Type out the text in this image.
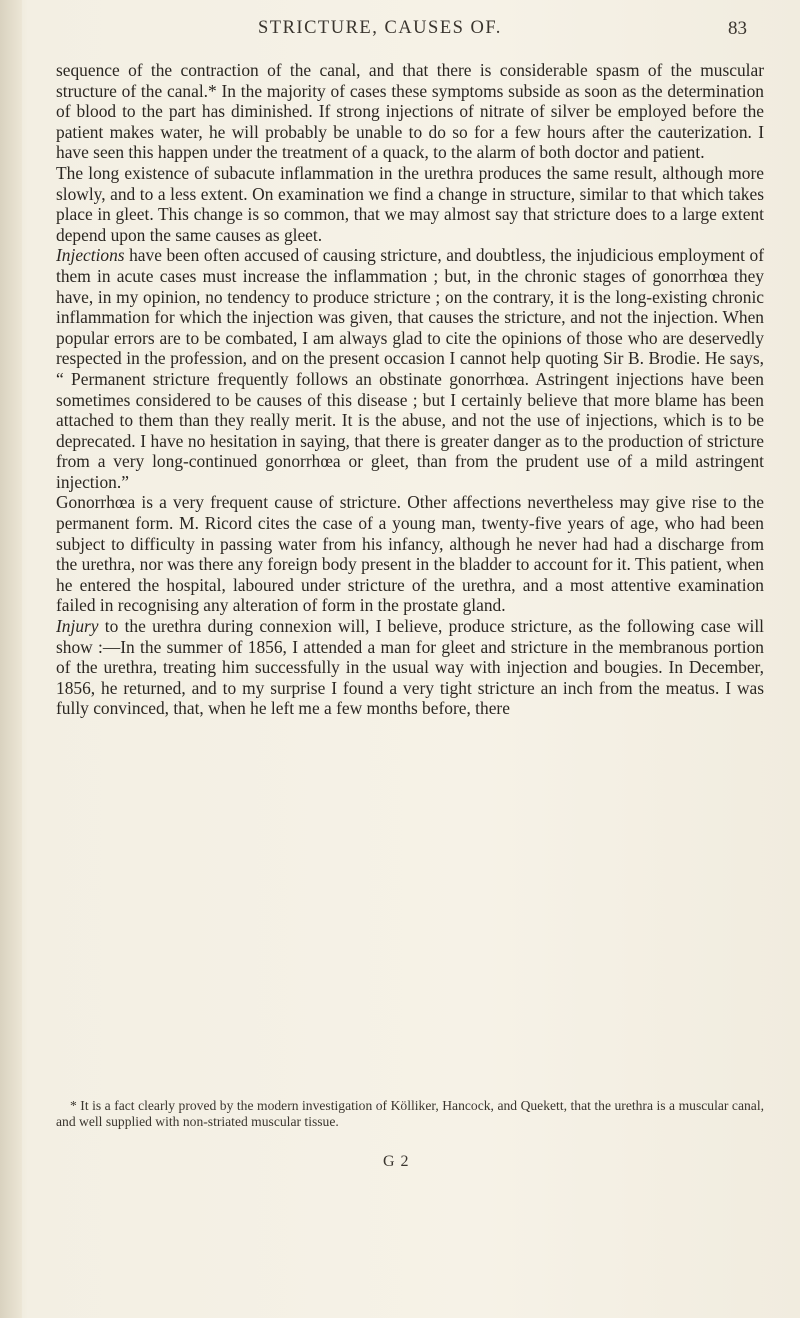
STRICTURE, CAUSES OF.	83

sequence of the contraction of the canal, and that there is considerable spasm of the muscular structure of the canal.* In the majority of cases these symptoms subside as soon as the determination of blood to the part has diminished. If strong injections of nitrate of silver be employed before the patient makes water, he will probably be unable to do so for a few hours after the cauterization. I have seen this happen under the treatment of a quack, to the alarm of both doctor and patient.

The long existence of subacute inflammation in the urethra produces the same result, although more slowly, and to a less extent. On examination we find a change in structure, similar to that which takes place in gleet. This change is so common, that we may almost say that stricture does to a large extent depend upon the same causes as gleet.

Injections have been often accused of causing stricture, and doubtless, the injudicious employment of them in acute cases must increase the inflammation ; but, in the chronic stages of gonorrhœa they have, in my opinion, no tendency to produce stricture ; on the contrary, it is the long-existing chronic inflammation for which the injection was given, that causes the stricture, and not the injection. When popular errors are to be combated, I am always glad to cite the opinions of those who are deservedly respected in the profession, and on the present occasion I cannot help quoting Sir B. Brodie. He says, “ Permanent stricture frequently follows an obstinate gonorrhœa. Astringent injections have been sometimes considered to be causes of this disease ; but I certainly believe that more blame has been attached to them than they really merit. It is the abuse, and not the use of injections, which is to be deprecated. I have no hesitation in saying, that there is greater danger as to the production of stricture from a very long-continued gonorrhœa or gleet, than from the prudent use of a mild astringent injection.”

Gonorrhœa is a very frequent cause of stricture. Other affections nevertheless may give rise to the permanent form. M. Ricord cites the case of a young man, twenty-five years of age, who had been subject to difficulty in passing water from his infancy, although he never had had a discharge from the urethra, nor was there any foreign body present in the bladder to account for it. This patient, when he entered the hospital, laboured under stricture of the urethra, and a most attentive examination failed in recognising any alteration of form in the prostate gland.

Injury to the urethra during connexion will, I believe, produce stricture, as the following case will show :—In the summer of 1856, I attended a man for gleet and stricture in the membranous portion of the urethra, treating him successfully in the usual way with injection and bougies. In December, 1856, he returned, and to my surprise I found a very tight stricture an inch from the meatus. I was fully convinced, that, when he left me a few months before, there

* It is a fact clearly proved by the modern investigation of Kölliker, Hancock, and Quekett, that the urethra is a muscular canal, and well supplied with non-striated muscular tissue.
G 2
